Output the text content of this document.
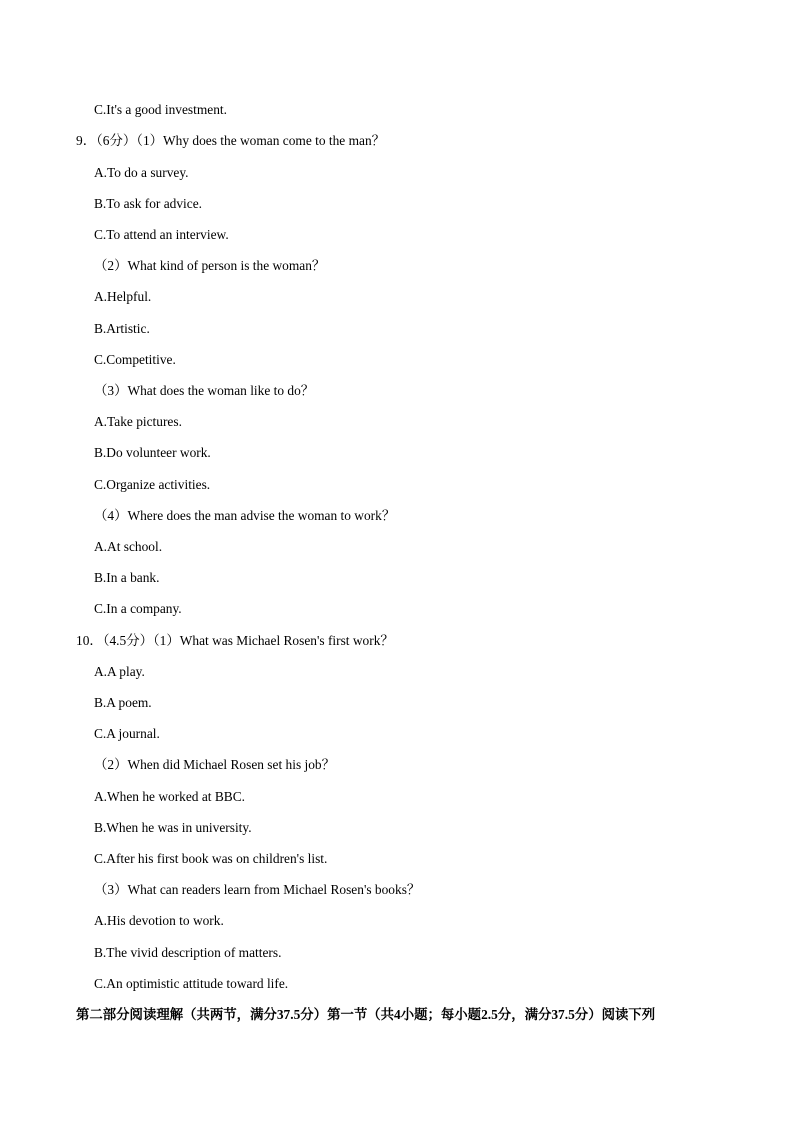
C.It's a good investment.
9．（6分）（1）Why does the woman come to the man？
A.To do a survey.
B.To ask for advice.
C.To attend an interview.
（2）What kind of person is the woman？
A.Helpful.
B.Artistic.
C.Competitive.
（3）What does the woman like to do？
A.Take pictures.
B.Do volunteer work.
C.Organize activities.
（4）Where does the man advise the woman to work？
A.At school.
B.In a bank.
C.In a company.
10．（4.5分）（1）What was Michael Rosen's first work？
A.A play.
B.A poem.
C.A journal.
（2）When did Michael Rosen set his job？
A.When he worked at BBC.
B.When he was in university.
C.After his first book was on children's list.
（3）What can readers learn from Michael Rosen's books？
A.His devotion to work.
B.The vivid description of matters.
C.An optimistic attitude toward life.
第二部分阅读理解（共两节，满分37.5分）第一节（共4小题；每小题2.5分，满分37.5分）阅读下列
